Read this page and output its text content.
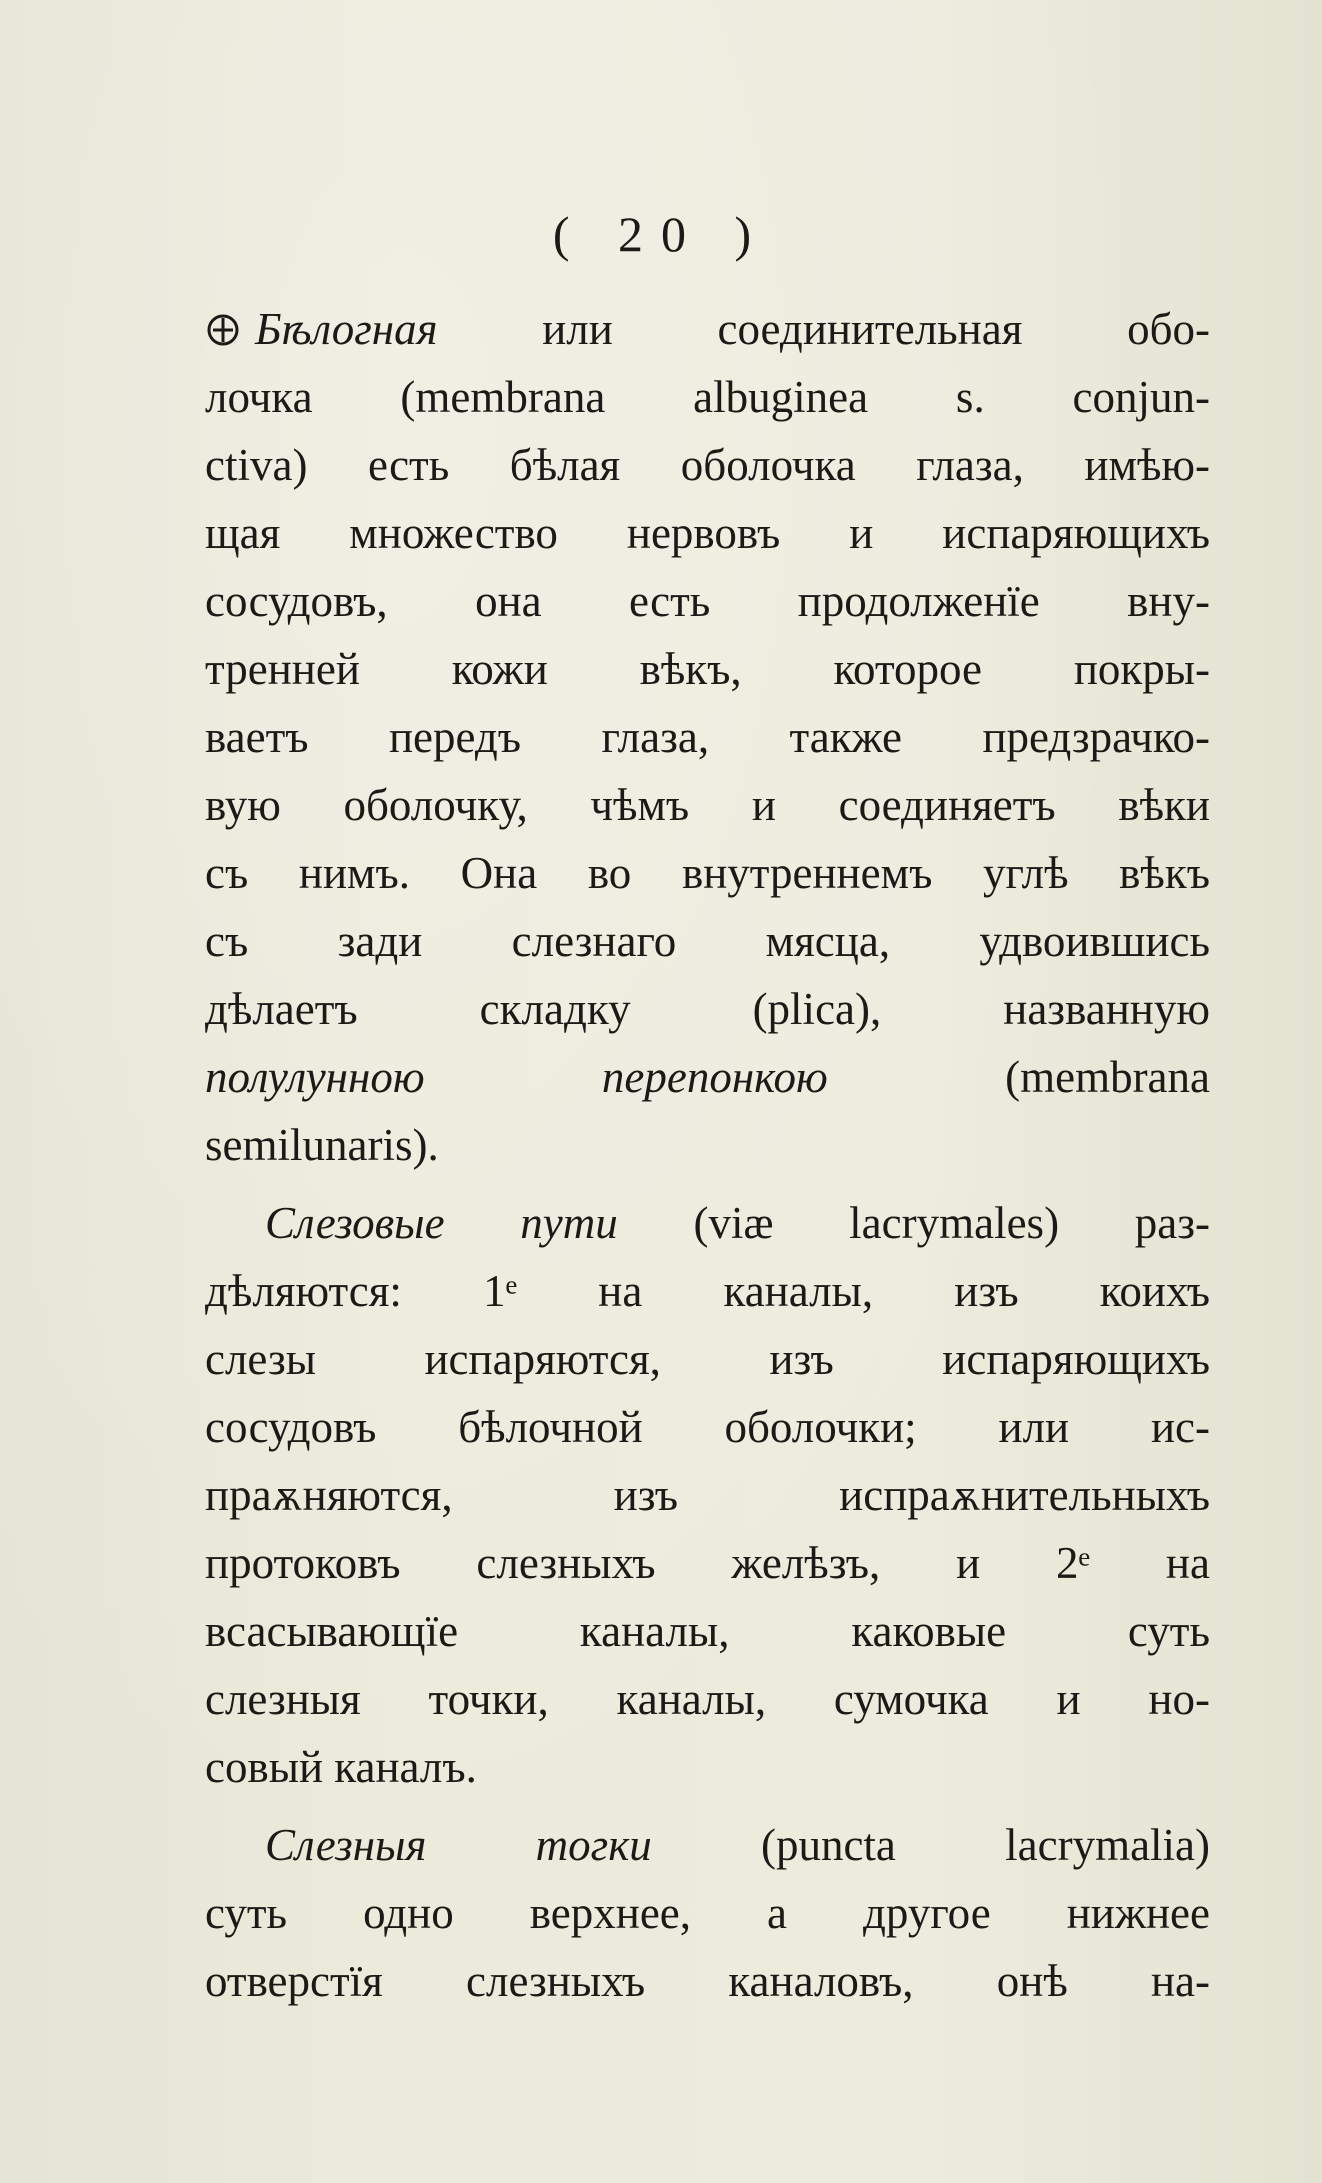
( 20 )
Бѣлогная или соединительная обо-
лочка (membrana albuginea s. conjun-
ctiva) есть бѣлая оболочка глаза, имѣю-
щая множество нервовъ и испаряющихъ
сосудовъ, она есть продолженїе вну-
тренней кожи вѣкъ, которое покры-
ваетъ передъ глаза, также предзрачко-
вую оболочку, чѣмъ и соединяетъ вѣки
съ нимъ. Она во внутреннемъ углѣ вѣкъ
съ зади слезнаго мясца, удвоившись
дѣлаетъ складку (plica), названную
полулунною перепонкою (membrana
semilunaris).
Слезовые пути (viæ lacrymales) раз-
дѣляются: 1ᵉ на каналы, изъ коихъ
слезы испаряются, изъ испаряющихъ
сосудовъ бѣлочной оболочки; или ис-
праѫняются, изъ испраѫнительныхъ
протоковъ слезныхъ желѣзъ, и 2ᵉ на
всасывающїе каналы, каковые суть
слезныя точки, каналы, сумочка и но-
совый каналъ.
Слезныя тогки (puncta lacrymalia)
суть одно верхнее, а другое нижнее
отверстїя слезныхъ каналовъ, онѣ на-
